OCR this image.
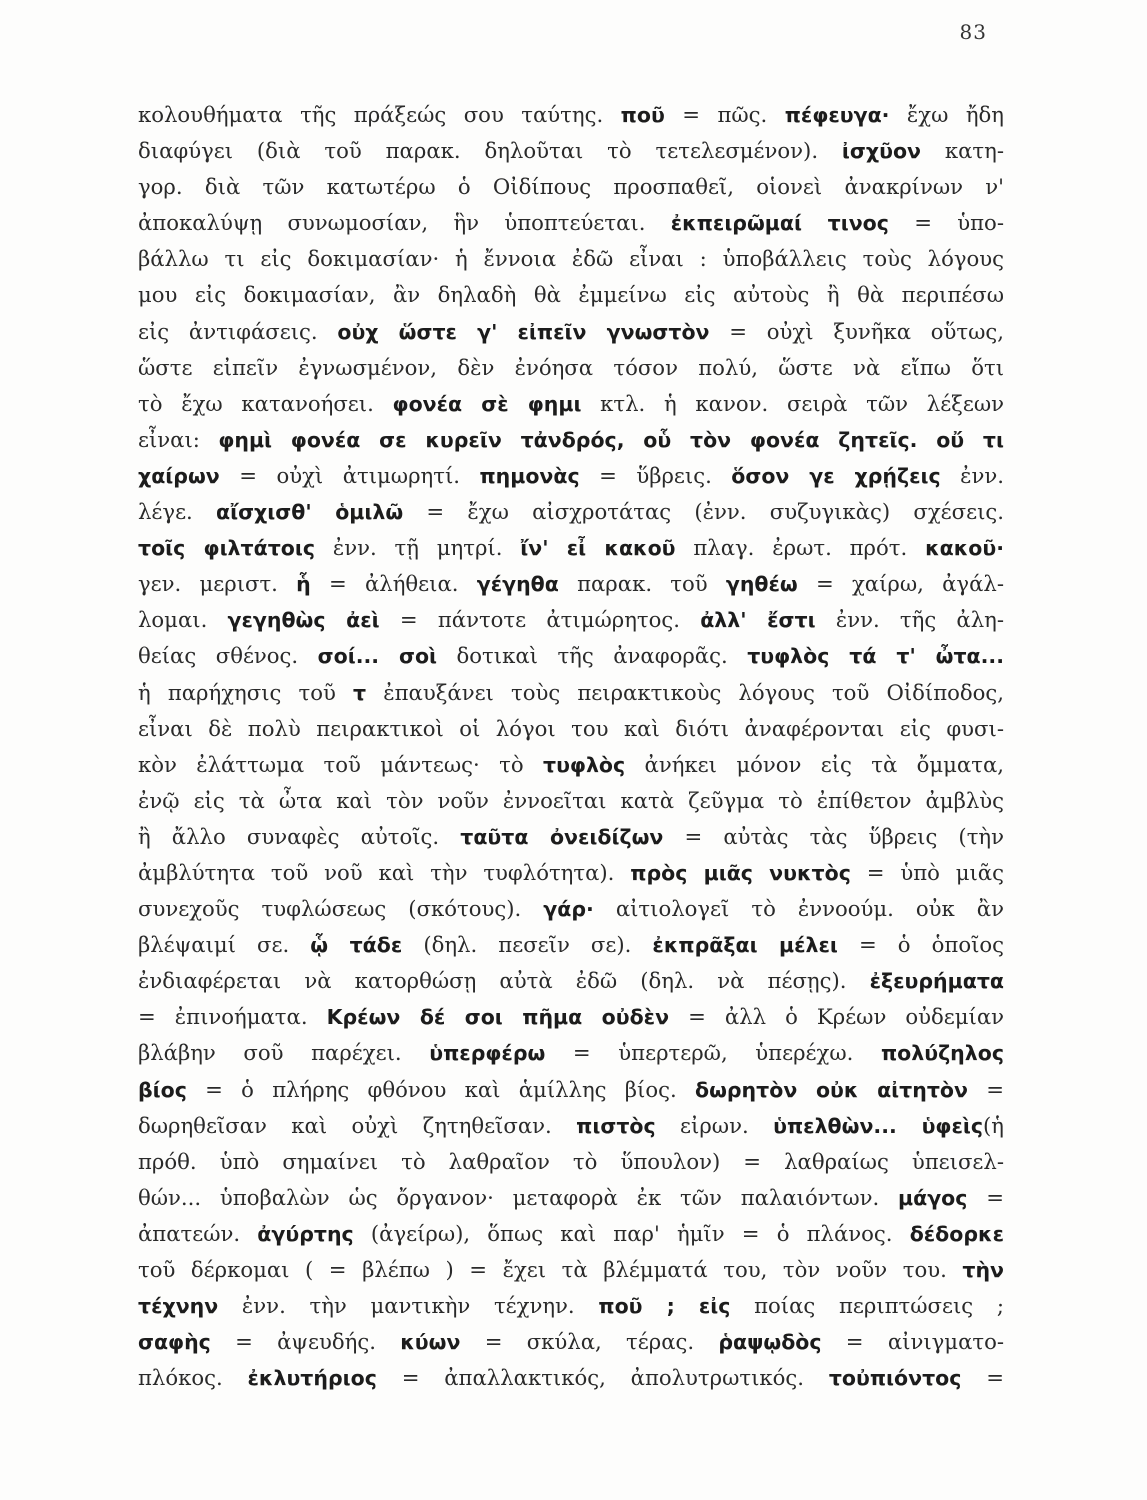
83
κολουθήματα τῆς πράξεώς σου ταύτης. ποῦ = πῶς. πέφευγα· ἔχω ἤδη
διαφύγει (διὰ τοῦ παρακ. δηλοῦται τὸ τετελεσμένον). ἰσχῦον κατη-
γορ. διὰ τῶν κατωτέρω ὁ Οἰδίπους προσπαθεῖ, οἱονεὶ ἀνακρίνων ν'
ἀποκαλύψῃ συνωμοσίαν, ἣν ὑποπτεύεται. ἐκπειρῶμαί τινος = ὑπο-
βάλλω τι εἰς δοκιμασίαν· ἡ ἔννοια ἐδῶ εἶναι : ὑποβάλλεις τοὺς λόγους
μου εἰς δοκιμασίαν, ἂν δηλαδὴ θὰ ἐμμείνω εἰς αὐτοὺς ἢ θὰ περιπέσω
εἰς ἀντιφάσεις. οὐχ ὥστε γ' εἰπεῖν γνωστὸν = οὐχὶ ξυνῆκα οὕτως,
ὥστε εἰπεῖν ἐγνωσμένον, δὲν ἐνόησα τόσον πολύ, ὥστε νὰ εἴπω ὅτι
τὸ ἔχω κατανοήσει. φονέα σὲ φημι κτλ. ἡ κανον. σειρὰ τῶν λέξεων
εἶναι: φημὶ φονέα σε κυρεῖν τἀνδρός, οὗ τὸν φονέα ζητεῖς. οὔ τι
χαίρων = οὐχὶ ἀτιμωρητί. πημονὰς = ὕβρεις. ὅσον γε χρῄζεις ἐνν.
λέγε. αἴσχισθ' ὁμιλῶ = ἔχω αἰσχροτάτας (ἐνν. συζυγικὰς) σχέσεις.
τοῖς φιλτάτοις ἐνν. τῇ μητρί. ἴν' εἶ κακοῦ πλαγ. ἐρωτ. πρότ. κακοῦ·
γεν. μεριστ. ἧ = ἀλήθεια. γέγηθα παρακ. τοῦ γηθέω = χαίρω, ἀγάλ-
λομαι. γεγηθὼς ἀεὶ = πάντοτε ἀτιμώρητος. ἀλλ' ἔστι ἐνν. τῆς ἀλη-
θείας σθένος. σοί... σοὶ δοτικαὶ τῆς ἀναφορᾶς. τυφλὸς τά τ' ὦτα...
ἡ παρήχησις τοῦ τ ἐπαυξάνει τοὺς πειρακτικοὺς λόγους τοῦ Οἰδίποδος,
εἶναι δὲ πολὺ πειρακτικοὶ οἱ λόγοι του καὶ διότι ἀναφέρονται εἰς φυσι-
κὸν ἐλάττωμα τοῦ μάντεως· τὸ τυφλὸς ἀνήκει μόνον εἰς τὰ ὄμματα,
ἐνῷ εἰς τὰ ὦτα καὶ τὸν νοῦν ἐννοεῖται κατὰ ζεῦγμα τὸ ἐπίθετον ἀμβλὺς
ἢ ἄλλο συναφὲς αὐτοῖς. ταῦτα ὀνειδίζων = αὐτὰς τὰς ὕβρεις (τὴν
ἀμβλύτητα τοῦ νοῦ καὶ τὴν τυφλότητα). πρὸς μιᾶς νυκτὸς = ὑπὸ μιᾶς
συνεχοῦς τυφλώσεως (σκότους). γάρ· αἰτιολογεῖ τὸ ἐννοούμ. οὐκ ἂν
βλέψαιμί σε. ᾧ τάδε (δηλ. πεσεῖν σε). ἐκπρᾶξαι μέλει = ὁ ὁποῖος
ἐνδιαφέρεται νὰ κατορθώσῃ αὐτὰ ἐδῶ (δηλ. νὰ πέσῃς). ἐξευρήματα
= ἐπινοήματα. Κρέων δέ σοι πῆμα οὐδὲν = ἀλλ ὁ Κρέων οὐδεμίαν
βλάβην σοῦ παρέχει. ὑπερφέρω = ὑπερτερῶ, ὑπερέχω. πολύζηλος
βίος = ὁ πλήρης φθόνου καὶ ἁμίλλης βίος. δωρητὸν οὐκ αἰτητὸν =
δωρηθεῖσαν καὶ οὐχὶ ζητηθεῖσαν. πιστὸς εἰρων. ὑπελθὼν... ὑφεὶς(ἡ
πρόθ. ὑπὸ σημαίνει τὸ λαθραῖον τὸ ὕπουλον) = λαθραίως ὑπεισελ-
θών... ὑποβαλὼν ὡς ὄργανον· μεταφορὰ ἐκ τῶν παλαιόντων. μάγος =
ἀπατεών. ἀγύρτης (ἀγείρω), ὅπως καὶ παρ' ἡμῖν = ὁ πλάνος. δέδορκε
τοῦ δέρκομαι ( = βλέπω ) = ἔχει τὰ βλέμματά του, τὸν νοῦν του. τὴν
τέχνην ἐνν. τὴν μαντικὴν τέχνην. ποῦ ; εἰς ποίας περιπτώσεις ;
σαφὴς = ἀψευδής. κύων = σκύλα, τέρας. ῥαψῳδὸς = αἰνιγματο-
πλόκος. ἐκλυτήριος = ἀπαλλακτικός, ἀπολυτρωτικός. τοὐπιόντος =
